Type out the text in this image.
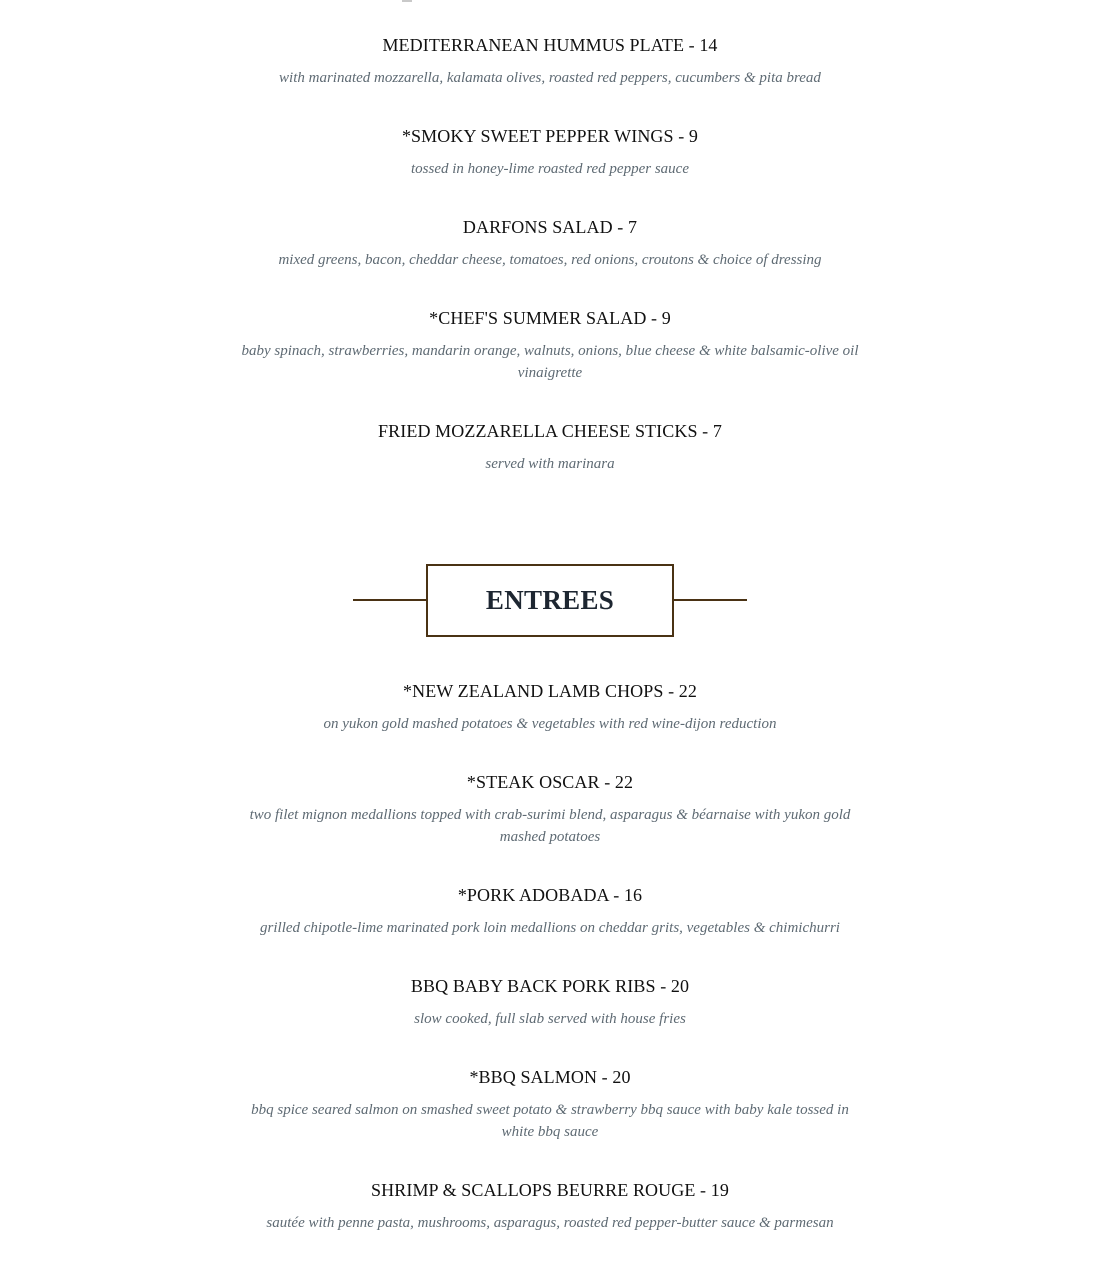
MEDITERRANEAN HUMMUS PLATE - 14
with marinated mozzarella, kalamata olives, roasted red peppers, cucumbers & pita bread
*SMOKY SWEET PEPPER WINGS - 9
tossed in honey-lime roasted red pepper sauce
DARFONS SALAD - 7
mixed greens, bacon, cheddar cheese, tomatoes, red onions, croutons & choice of dressing
*CHEF'S SUMMER SALAD - 9
baby spinach, strawberries, mandarin orange, walnuts, onions, blue cheese & white balsamic-olive oil vinaigrette
FRIED MOZZARELLA CHEESE STICKS - 7
served with marinara
ENTREES
*NEW ZEALAND LAMB CHOPS - 22
on yukon gold mashed potatoes & vegetables with red wine-dijon reduction
*STEAK OSCAR - 22
two filet mignon medallions topped with crab-surimi blend, asparagus & béarnaise with yukon gold mashed potatoes
*PORK ADOBADA - 16
grilled chipotle-lime marinated pork loin medallions on cheddar grits, vegetables & chimichurri
BBQ BABY BACK PORK RIBS - 20
slow cooked, full slab served with house fries
*BBQ SALMON - 20
bbq spice seared salmon on smashed sweet potato & strawberry bbq sauce with baby kale tossed in white bbq sauce
SHRIMP & SCALLOPS BEURRE ROUGE - 19
sautée with penne pasta, mushrooms, asparagus, roasted red pepper-butter sauce & parmesan
